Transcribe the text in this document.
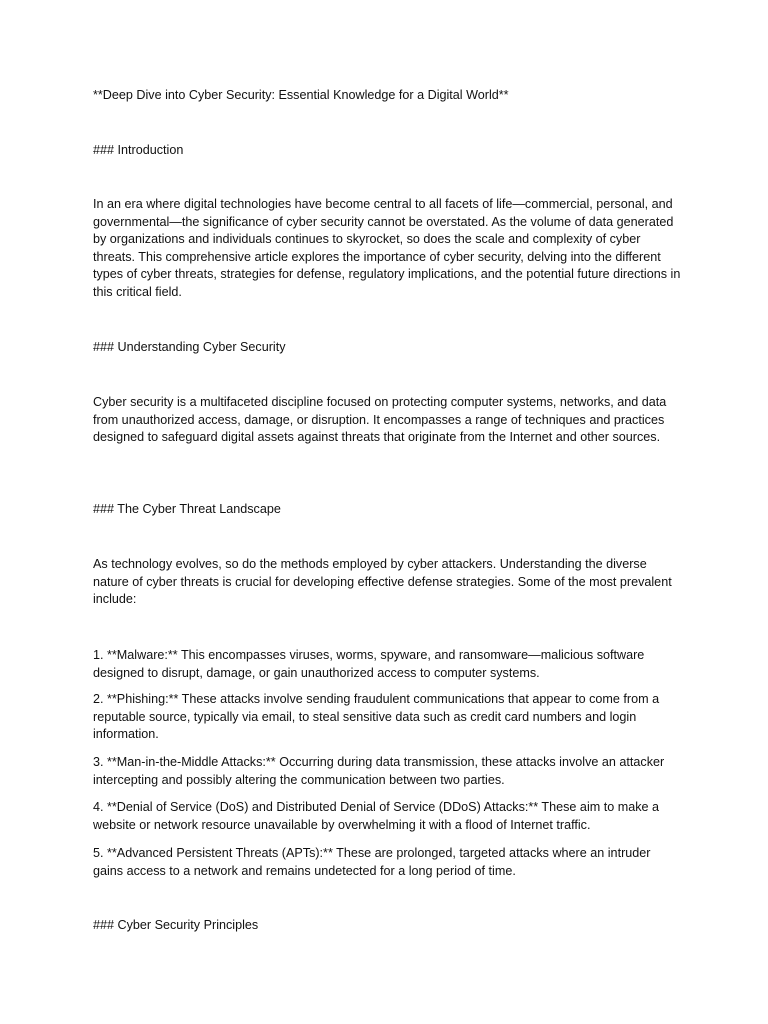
**Deep Dive into Cyber Security: Essential Knowledge for a Digital World**

### Introduction

In an era where digital technologies have become central to all facets of life—commercial, personal, and governmental—the significance of cyber security cannot be overstated. As the volume of data generated by organizations and individuals continues to skyrocket, so does the scale and complexity of cyber threats. This comprehensive article explores the importance of cyber security, delving into the different types of cyber threats, strategies for defense, regulatory implications, and the potential future directions in this critical field.

### Understanding Cyber Security

Cyber security is a multifaceted discipline focused on protecting computer systems, networks, and data from unauthorized access, damage, or disruption. It encompasses a range of techniques and practices designed to safeguard digital assets against threats that originate from the Internet and other sources.

### The Cyber Threat Landscape

As technology evolves, so do the methods employed by cyber attackers. Understanding the diverse nature of cyber threats is crucial for developing effective defense strategies. Some of the most prevalent include:

1. **Malware:** This encompasses viruses, worms, spyware, and ransomware—malicious software designed to disrupt, damage, or gain unauthorized access to computer systems.

2. **Phishing:** These attacks involve sending fraudulent communications that appear to come from a reputable source, typically via email, to steal sensitive data such as credit card numbers and login information.

3. **Man-in-the-Middle Attacks:** Occurring during data transmission, these attacks involve an attacker intercepting and possibly altering the communication between two parties.

4. **Denial of Service (DoS) and Distributed Denial of Service (DDoS) Attacks:** These aim to make a website or network resource unavailable by overwhelming it with a flood of Internet traffic.

5. **Advanced Persistent Threats (APTs):** These are prolonged, targeted attacks where an intruder gains access to a network and remains undetected for a long period of time.

### Cyber Security Principles
